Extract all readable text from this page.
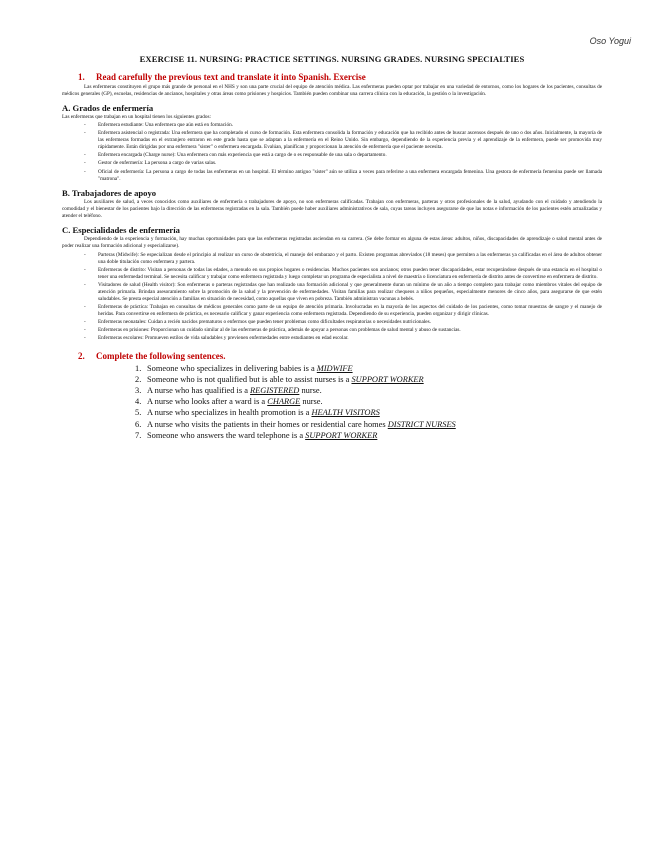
Oso Yogui
EXERCISE 11. NURSING: PRACTICE SETTINGS. NURSING GRADES. NURSING SPECIALTIES
1. Read carefully the previous text and translate it into Spanish. Exercise

Las enfermeras constituyen el grupo más grande de personal en el NHS y son una parte crucial del equipo de atención médica. Las enfermeras pueden optar por trabajar en una variedad de entornos, como los hogares de los pacientes, consultas de médicos generales (GP), escuelas, residencias de ancianos, hospitales y otras áreas como prisiones y hospicios. También pueden combinar una carrera clínica con la educación, la gestión o la investigación.

A. Grados de enfermería
Las enfermeras que trabajan en un hospital tienen los siguientes grados:
- Enfermera estudiante: Una enfermera que aún está en formación.
- Enfermera asistencial o registrada: Una enfermera que ha completado el curso de formación. Esta enfermera consolida la formación y educación que ha recibido antes de buscar ascensos después de uno o dos años. Inicialmente, la mayoría de las enfermeras formadas en el extranjero entraron en este grado hasta que se adaptan a la enfermería en el Reino Unido. Sin embargo, dependiendo de la experiencia previa y el aprendizaje de la enfermera, puede ser promovida muy rápidamente. Están dirigidas por una enfermera "sister" o enfermera encargada. Evalúan, planifican y proporcionan la atención de enfermería que el paciente necesita.
- Enfermera encargada (Charge nurse): Una enfermera con más experiencia que está a cargo de o es responsable de una sala o departamento.
- Gestor de enfermería: La persona a cargo de varias salas.
- Oficial de enfermería: La persona a cargo de todas las enfermeras en un hospital. El término antiguo "sister" aún se utiliza a veces para referirse a una enfermera encargada femenina. Una gestora de enfermería femenina puede ser llamada "matrona".
B. Trabajadores de apoyo

Los auxiliares de salud, a veces conocidos como auxiliares de enfermería o trabajadores de apoyo, no son enfermeras calificadas. Trabajan con enfermeras, parteras y otros profesionales de la salud, ayudando con el cuidado y atendiendo la comodidad y el bienestar de los pacientes bajo la dirección de las enfermeras registradas en la sala. También puede haber auxiliares administrativos de sala, cuyas tareas incluyen asegurarse de que las notas e información de los pacientes estén actualizadas y atender el teléfono.

C. Especialidades de enfermería

Dependiendo de la experiencia y formación, hay muchas oportunidades para que las enfermeras registradas asciendan en su carrera. (Se debe formar en alguna de estas áreas: adultos, niños, discapacidades de aprendizaje o salud mental antes de poder realizar una formación adicional y especializarse).

- Parteras (Midwife): Se especializan desde el principio al realizar un curso de obstetricia, el manejo del embarazo y el parto. Existen programas abreviados (18 meses) que permiten a las enfermeras ya calificadas en el área de adultos obtener una doble titulación como enfermera y partera.
- Enfermeras de distrito: Visitan a personas de todas las edades, a menudo en sus propios hogares o residencias. Muchos pacientes son ancianos; otros pueden tener discapacidades, estar recuperándose después de una estancia en el hospital o tener una enfermedad terminal. Se necesita calificar y trabajar como enfermera registrada y luego completar un programa de especialista a nivel de maestría o licenciatura en enfermería de distrito antes de convertirse en enfermera de distrito.
- Visitadores de salud (Health visitor): Son enfermeras o parteras registradas que han realizado una formación adicional y que generalmente duran un mínimo de un año a tiempo completo para trabajar como miembros vitales del equipo de atención primaria. Brindan asesoramiento sobre la promoción de la salud y la prevención de enfermedades. Visitan familias para realizar chequeos a niños pequeños, especialmente menores de cinco años, para asegurarse de que estén saludables. Se presta especial atención a familias en situación de necesidad, como aquellas que viven en pobreza. También administran vacunas a bebés.
- Enfermeras de práctica: Trabajan en consultas de médicos generales como parte de un equipo de atención primaria. Involucradas en la mayoría de los aspectos del cuidado de los pacientes, como tomar muestras de sangre y el manejo de heridas. Para convertirse en enfermera de práctica, es necesario calificar y ganar experiencia como enfermera registrada. Dependiendo de su experiencia, pueden organizar y dirigir clínicas.
- Enfermeras neonatales: Cuidan a recién nacidos prematuros o enfermos que pueden tener problemas como dificultades respiratorias o necesidades nutricionales.
- Enfermeras en prisiones: Proporcionan un cuidado similar al de las enfermeras de práctica, además de apoyar a personas con problemas de salud mental y abuso de sustancias.
- Enfermeras escolares: Promueven estilos de vida saludables y previenen enfermedades entre estudiantes en edad escolar.
2. Complete the following sentences.
1. Someone who specializes in delivering babies is a MIDWIFE
2. Someone who is not qualified but is able to assist nurses is a SUPPORT WORKER
3. A nurse who has qualified is a REGISTERED nurse.
4. A nurse who looks after a ward is a CHARGE nurse.
5. A nurse who specializes in health promotion is a HEALTH VISITORS
6. A nurse who visits the patients in their homes or residential care homes DISTRICT NURSES
7. Someone who answers the ward telephone is a SUPPORT WORKER
